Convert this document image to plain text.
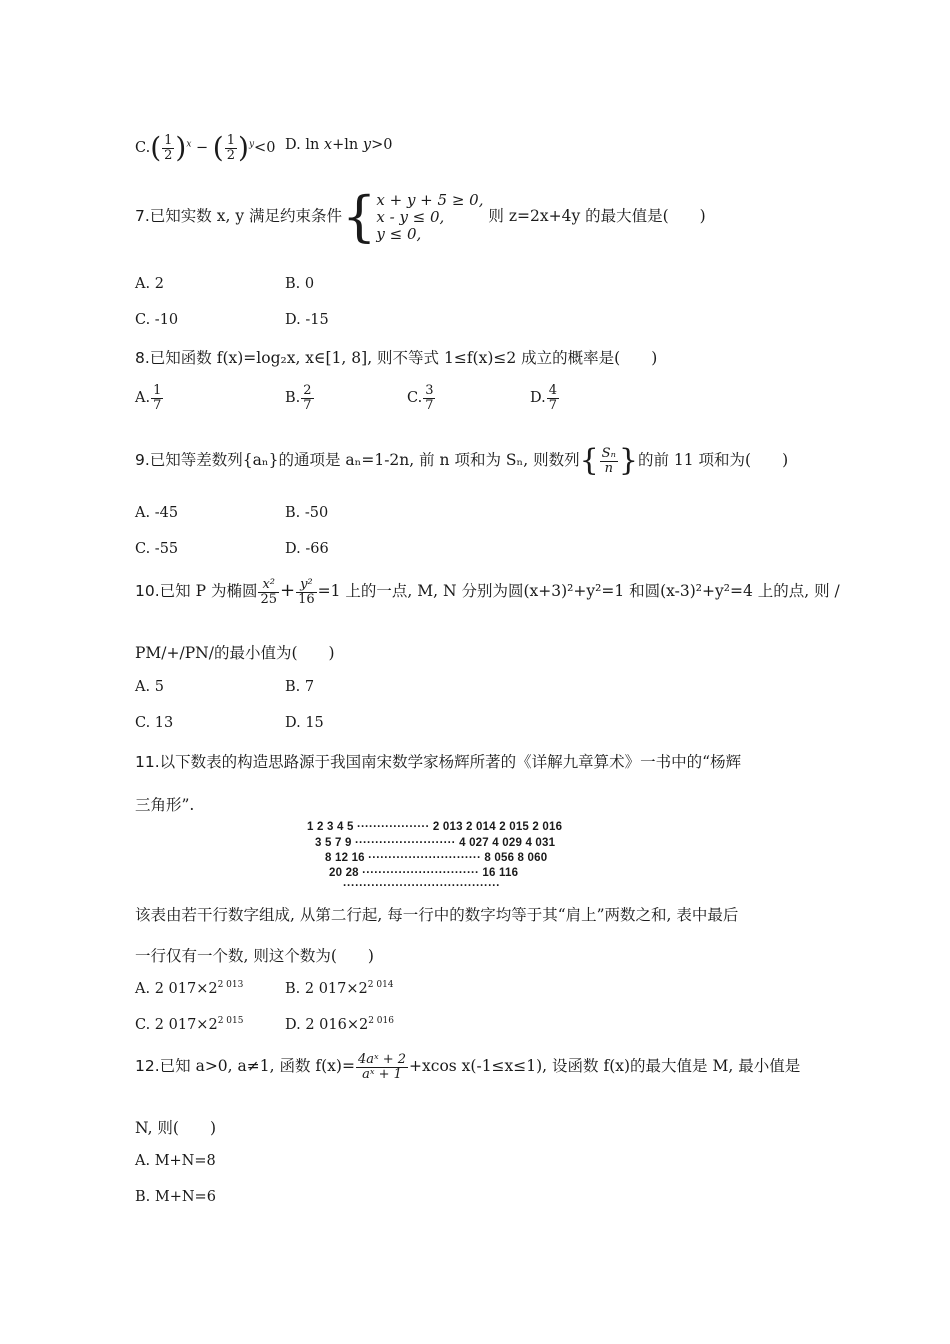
$C.( \frac{1}{2} )^x$ − ( $\frac{1}{2} )^y<0$ D. ln x+ln y>0
7.已知实数 x, y 满足约束条件{x + y + 5 ≥ 0,
x - y ≤ 0,
y ≤ 0, 则 z=2x+4y 的最大值是(　　)
A. 2	B. 0
C. -10	D. -15
8.已知函数 f(x)=log₂x, x∈[1, 8], 则不等式 1≤f(x)≤2 成立的概率是(　　)
A. $\frac{1}{7}$	B. $\frac{2}{7}$	C. $\frac{3}{7}$	D. $\frac{4}{7}$
9.已知等差数列{aₙ}的通项是 aₙ=1-2n, 前 n 项和为 Sₙ, 则数列{ $\frac{\text{Sₙ}}{n}$ }的前 11 项和为(　　)
A. -45	B. -50
C. -55	D. -66
10.已知 P 为椭圆 $\frac{\text{x²}}{25} + \frac{\text{y²}}{16} =1$ 上的一点, M, N 分别为圆(x+3)²+y²=1 和圆(x-3)²+y²=4 上的点, 则 /
PM/+/PN/的最小值为(　　)
A. 5	B. 7
C. 13	D. 15
11.以下数表的构造思路源于我国南宋数学家杨辉所著的《详解九章算术》一书中的“杨辉
三角形”.
1 2 3 4 5 ·················· 2 013 2 014 2 015 2 016
3 5 7 9 ························· 4 027 4 029 4 031
8 12 16 ···························· 8 056 8 060
20 28 ····························· 16 116
·······································
该表由若干行数字组成, 从第二行起, 每一行中的数字均等于其“肩上”两数之和, 表中最后
一行仅有一个数, 则这个数为(　　)
A. 2 $017\times 2^{2 013}$	B. 2 $017\times 2^{2 014}$
C. 2 $017\times 2^{2 015}$	D. 2 $016\times 2^{2 016}$
12.已知 a>0, a≠1, 函数 $f(x)= \frac{\text{4aˣ + 2}}{\text{aˣ + 1}} +xcos$ x(-1≤x≤1), 设函数 f(x)的最大值是 M, 最小值是
N, 则(　　)
A. M+N=8
B. M+N=6
